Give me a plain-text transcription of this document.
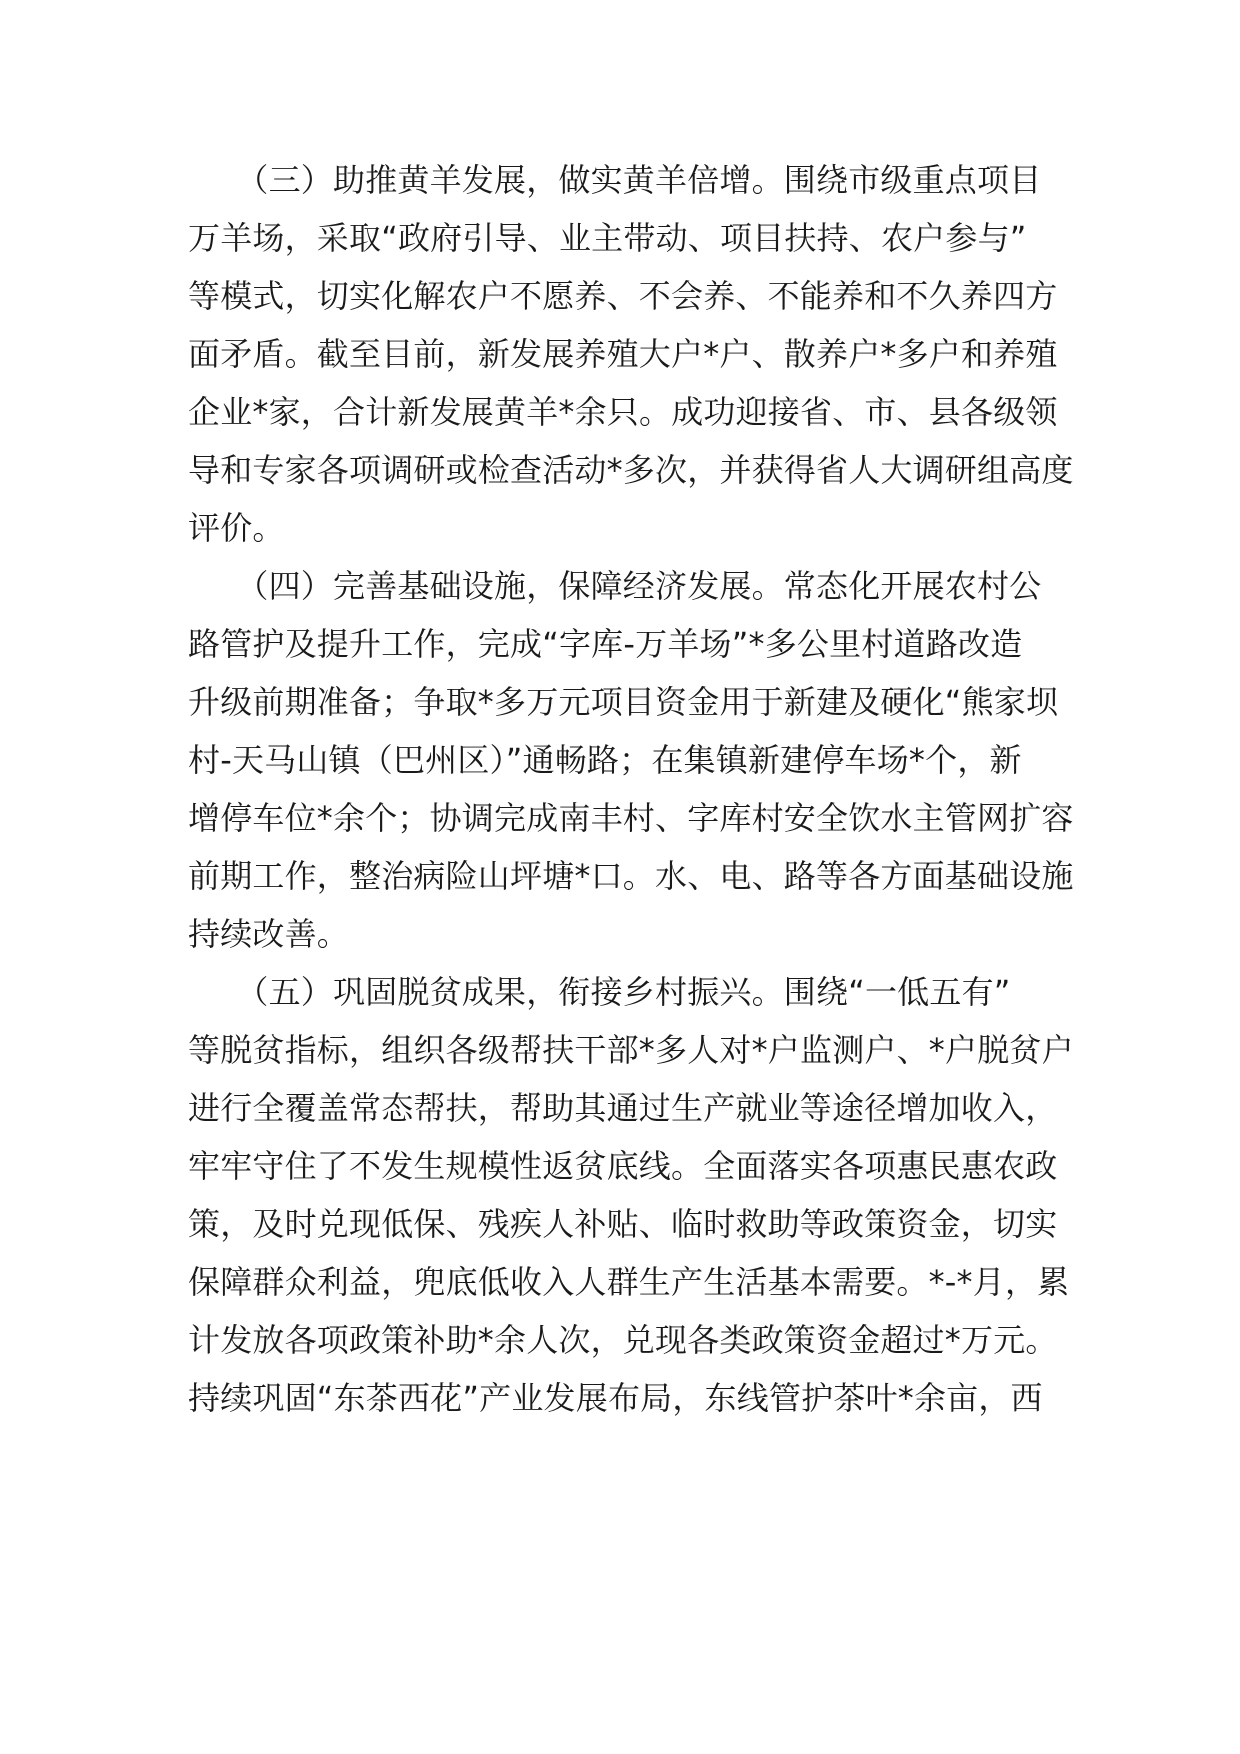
　　（三）助推黄羊发展，做实黄羊倍增。围绕市级重点项目

万羊场，采取“政府引导、业主带动、项目扶持、农户参与”

等模式，切实化解农户不愿养、不会养、不能养和不久养四方

面矛盾。截至目前，新发展养殖大户*户、散养户*多户和养殖

企业*家，合计新发展黄羊*余只。成功迎接省、市、县各级领

导和专家各项调研或检查活动*多次，并获得省人大调研组高度

评价。

　　（四）完善基础设施，保障经济发展。常态化开展农村公

路管护及提升工作，完成“字库-万羊场”*多公里村道路改造

升级前期准备；争取*多万元项目资金用于新建及硬化“熊家坝

村-天马山镇（巴州区）”通畅路；在集镇新建停车场*个，新

增停车位*余个；协调完成南丰村、字库村安全饮水主管网扩容

前期工作，整治病险山坪塘*口。水、电、路等各方面基础设施

持续改善。

　　（五）巩固脱贫成果，衔接乡村振兴。围绕“一低五有”

等脱贫指标，组织各级帮扶干部*多人对*户监测户、*户脱贫户

进行全覆盖常态帮扶，帮助其通过生产就业等途径增加收入，

牢牢守住了不发生规模性返贫底线。全面落实各项惠民惠农政

策，及时兑现低保、残疾人补贴、临时救助等政策资金，切实

保障群众利益，兜底低收入人群生产生活基本需要。*-*月，累

计发放各项政策补助*余人次，兑现各类政策资金超过*万元。

持续巩固“东茶西花”产业发展布局，东线管护茶叶*余亩，西
